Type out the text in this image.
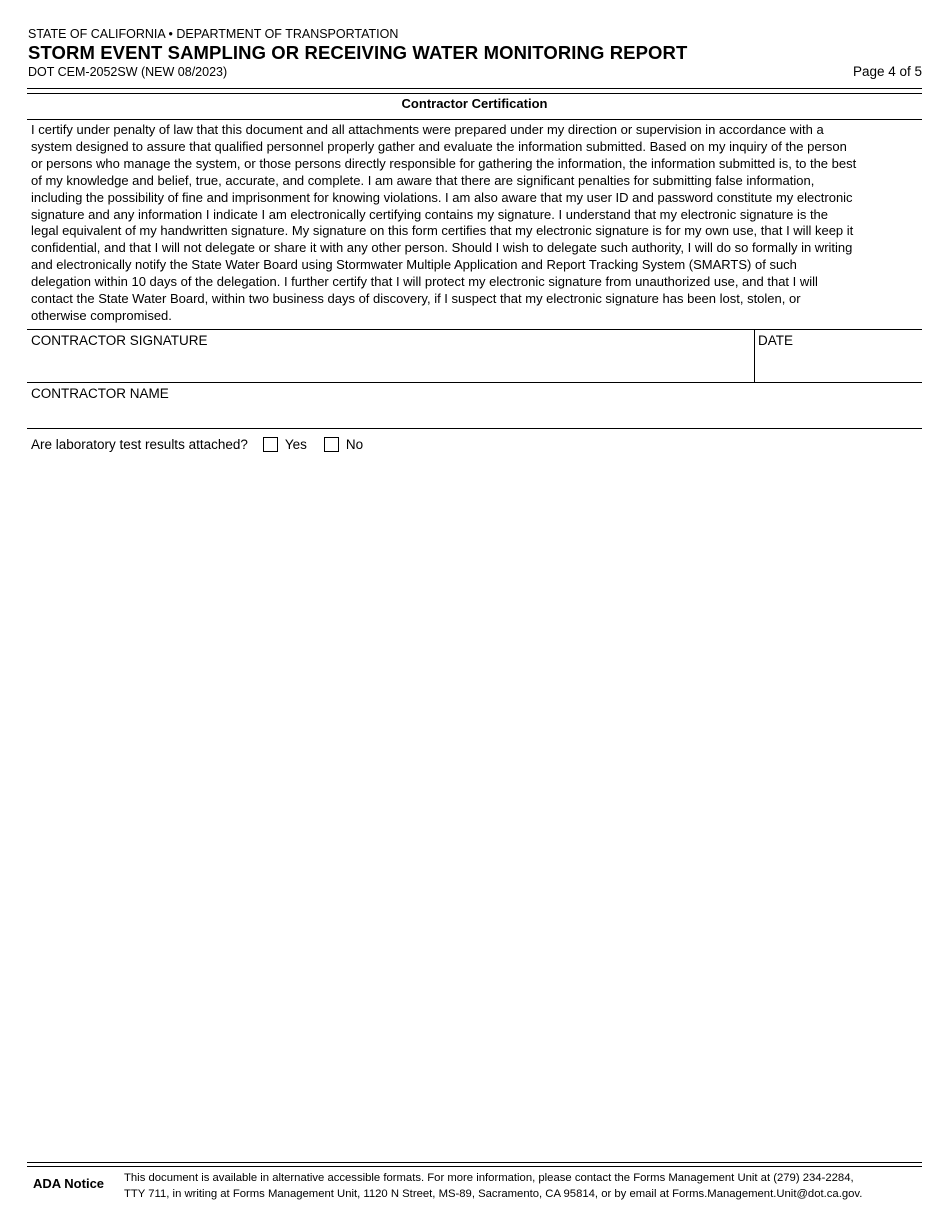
STATE OF CALIFORNIA • DEPARTMENT OF TRANSPORTATION
STORM EVENT SAMPLING OR RECEIVING WATER MONITORING REPORT
DOT CEM-2052SW (NEW 08/2023)	Page 4 of 5
Contractor Certification
I certify under penalty of law that this document and all attachments were prepared under my direction or supervision in accordance with a
system designed to assure that qualified personnel properly gather and evaluate the information submitted. Based on my inquiry of the person
or persons who manage the system, or those persons directly responsible for gathering the information, the information submitted is, to the best
of my knowledge and belief, true, accurate, and complete. I am aware that there are significant penalties for submitting false information,
including the possibility of fine and imprisonment for knowing violations. I am also aware that my user ID and password constitute my electronic
signature and any information I indicate I am electronically certifying contains my signature. I understand that my electronic signature is the
legal equivalent of my handwritten signature. My signature on this form certifies that my electronic signature is for my own use, that I will keep it
confidential, and that I will not delegate or share it with any other person. Should I wish to delegate such authority, I will do so formally in writing
and electronically notify the State Water Board using Stormwater Multiple Application and Report Tracking System (SMARTS) of such
delegation within 10 days of the delegation. I further certify that I will protect my electronic signature from unauthorized use, and that I will
contact the State Water Board, within two business days of discovery, if I suspect that my electronic signature has been lost, stolen, or
otherwise compromised.
CONTRACTOR SIGNATURE	DATE
CONTRACTOR NAME
Are laboratory test results attached?	Yes	No
ADA Notice This document is available in alternative accessible formats. For more information, please contact the Forms Management Unit at (279) 234-2284,
TTY 711, in writing at Forms Management Unit, 1120 N Street, MS-89, Sacramento, CA 95814, or by email at Forms.Management.Unit@dot.ca.gov.
